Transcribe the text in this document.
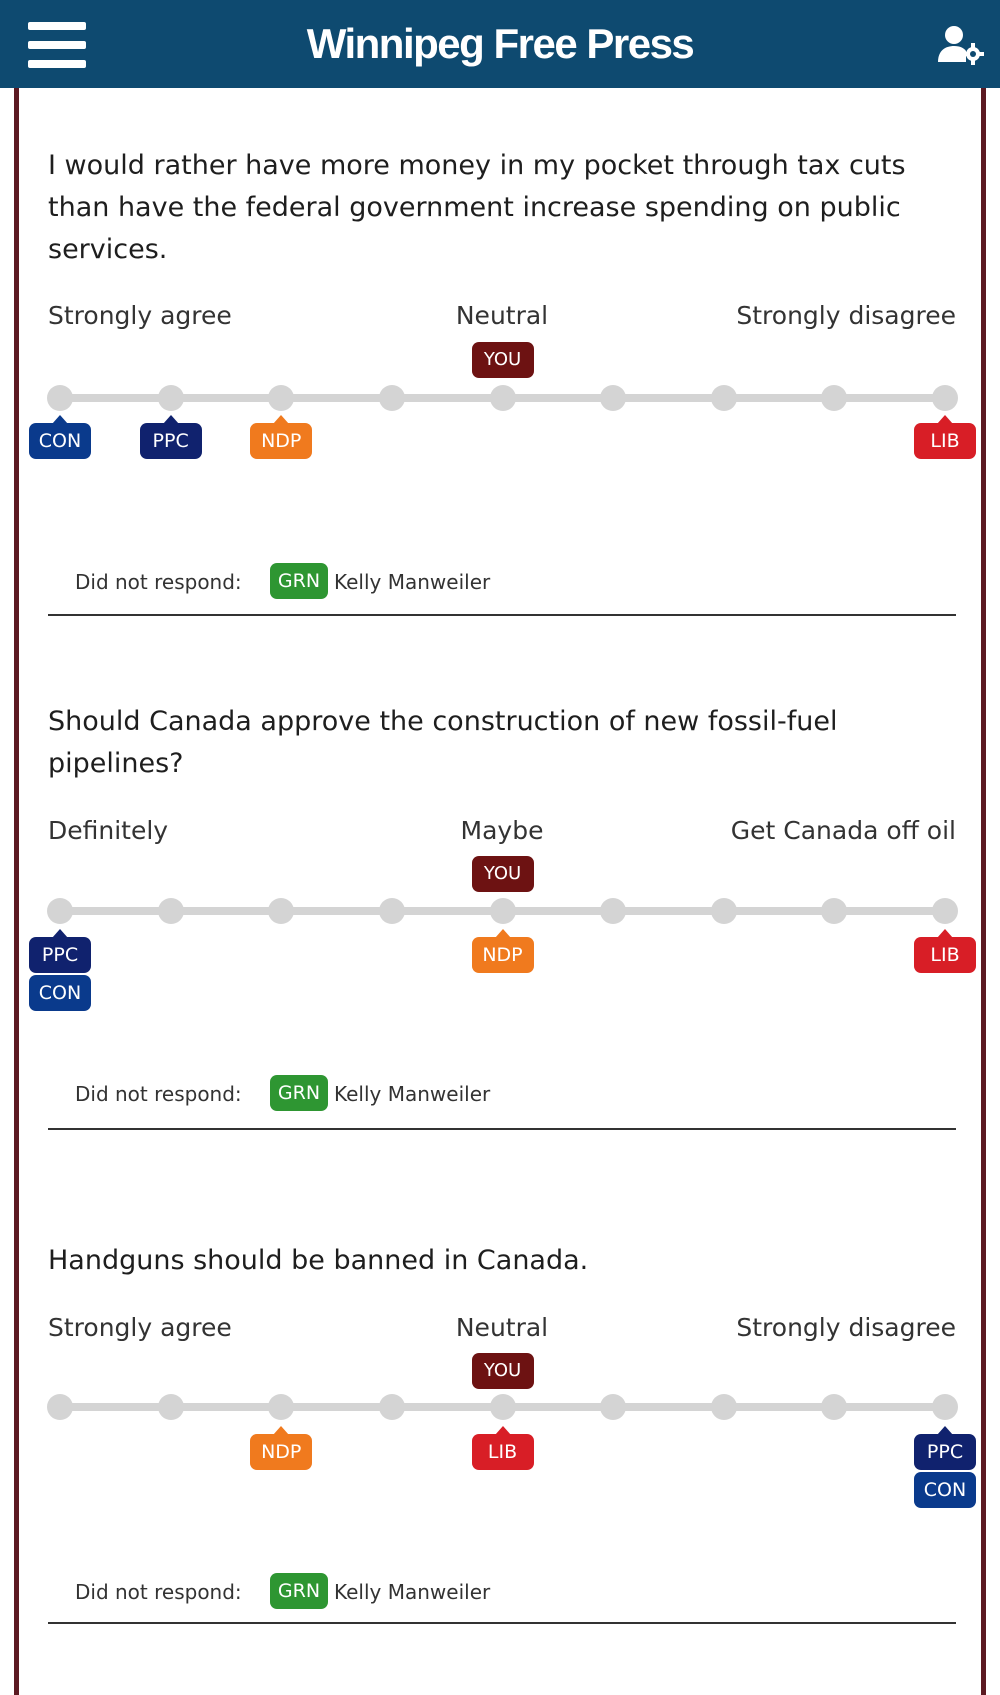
Winnipeg Free Press
I would rather have more money in my pocket through tax cuts than have the federal government increase spending on public services.
Strongly agree	Neutral	Strongly disagree
Did not respond:	GRN Kelly Manweiler
YOU
CON	PPC	NDP	LIB
Should Canada approve the construction of new fossil-fuel pipelines?
Definitely	Maybe	Get Canada off oil
Did not respond:	GRN Kelly Manweiler
YOU
PPC
CON
NDP	LIB
Handguns should be banned in Canada.
Neutral
Strongly agree	Strongly disagree
Did not respond:	GRN Kelly Manweiler
YOU
NDP	LIB	PPC
CON
